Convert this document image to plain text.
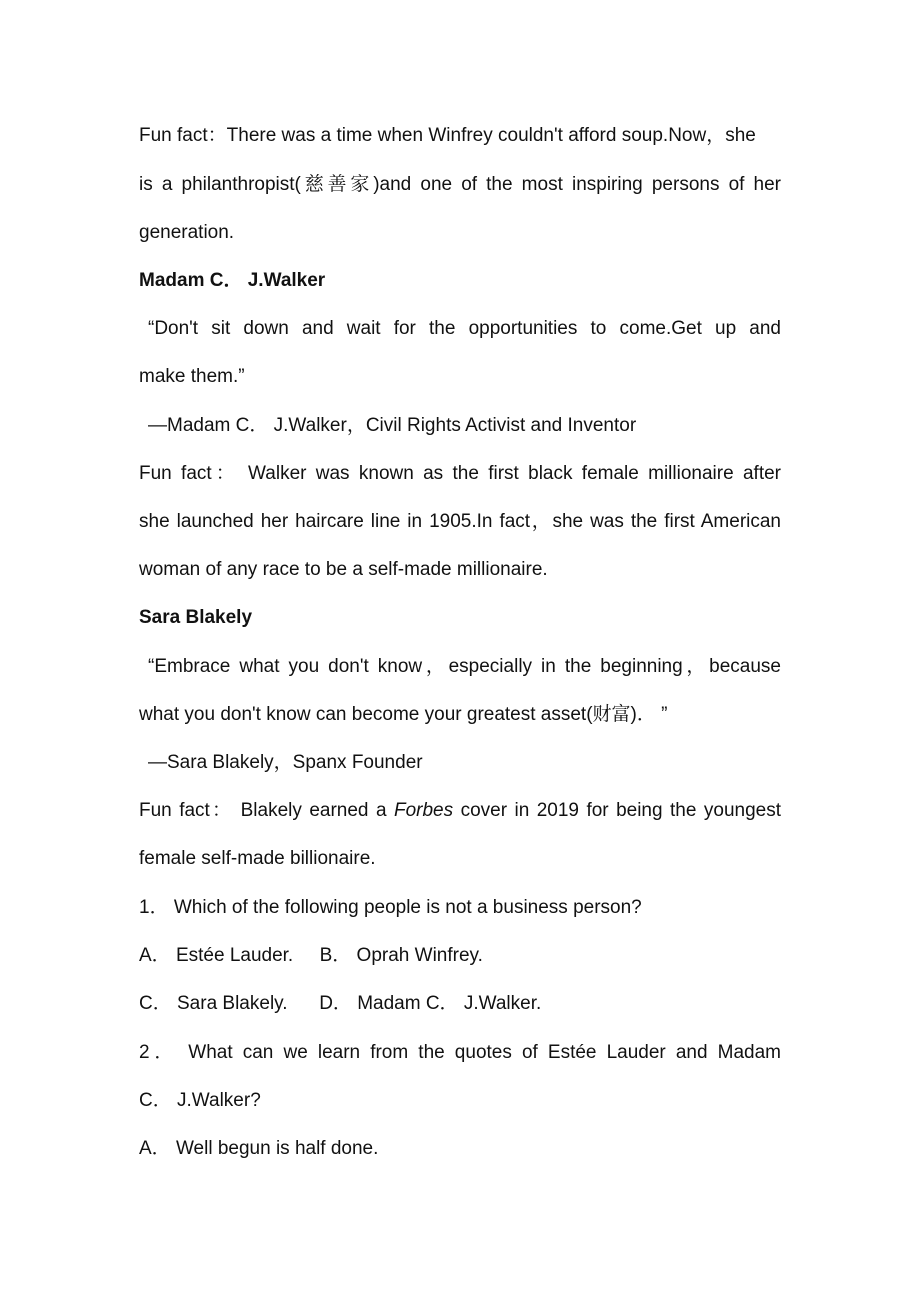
Fun fact：There was a time when Winfrey couldn't afford soup.Now，she
is a philanthropist(慈善家)and one of the most inspiring persons of her
generation.
Madam C． J.Walker
“Don't sit down and wait for the opportunities to come.Get up and
make them.”
—Madam C． J.Walker，Civil Rights Activist and Inventor
Fun fact： Walker was known as the first black female millionaire after
she launched her haircare line in 1905.In fact，she was the first American
woman of any race to be a self-made millionaire.
Sara Blakely
“Embrace what you don't know，especially in the beginning，because
what you don't know can become your greatest asset(财富)． ”
—Sara Blakely，Spanx Founder
Fun fact： Blakely earned a Forbes cover in 2019 for being the youngest
female self-made billionaire.
1． Which of the following people is not a business person?
A． Estée Lauder.     B． Oprah Winfrey.
C． Sara Blakely.      D． Madam C． J.Walker.
2． What can we learn from the quotes of Estée Lauder and Madam
C． J.Walker?
A． Well begun is half done.
